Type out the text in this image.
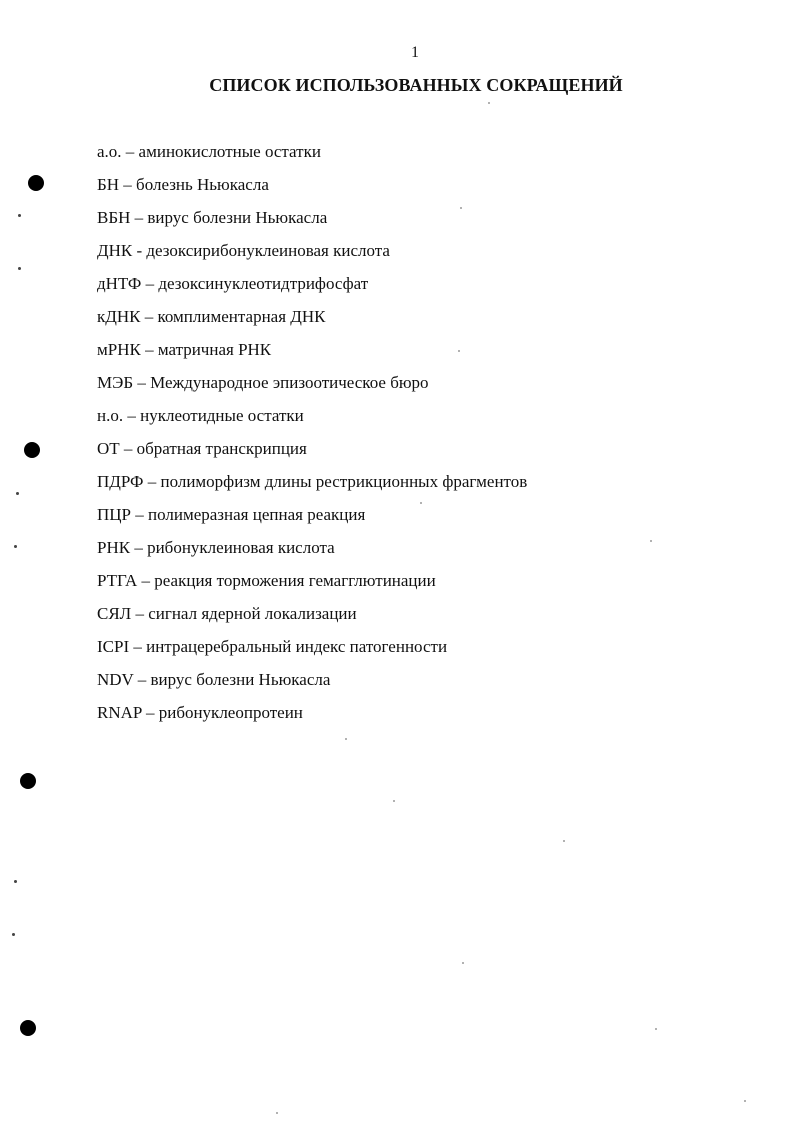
1
СПИСОК ИСПОЛЬЗОВАННЫХ СОКРАЩЕНИЙ
а.о. – аминокислотные остатки
БН – болезнь Ньюкасла
ВБН – вирус болезни Ньюкасла
ДНК - дезоксирибонуклеиновая кислота
дНТФ – дезоксинуклеотидтрифосфат
кДНК – комплиментарная ДНК
мРНК – матричная РНК
МЭБ – Международное эпизоотическое бюро
н.о. – нуклеотидные остатки
ОТ – обратная транскрипция
ПДРФ – полиморфизм длины рестрикционных фрагментов
ПЦР – полимеразная цепная реакция
РНК – рибонуклеиновая кислота
РТГА – реакция торможения гемагглютинации
СЯЛ – сигнал ядерной локализации
ICPI – интрацеребральный индекс патогенности
NDV – вирус болезни Ньюкасла
RNAP – рибонуклеопротеин
